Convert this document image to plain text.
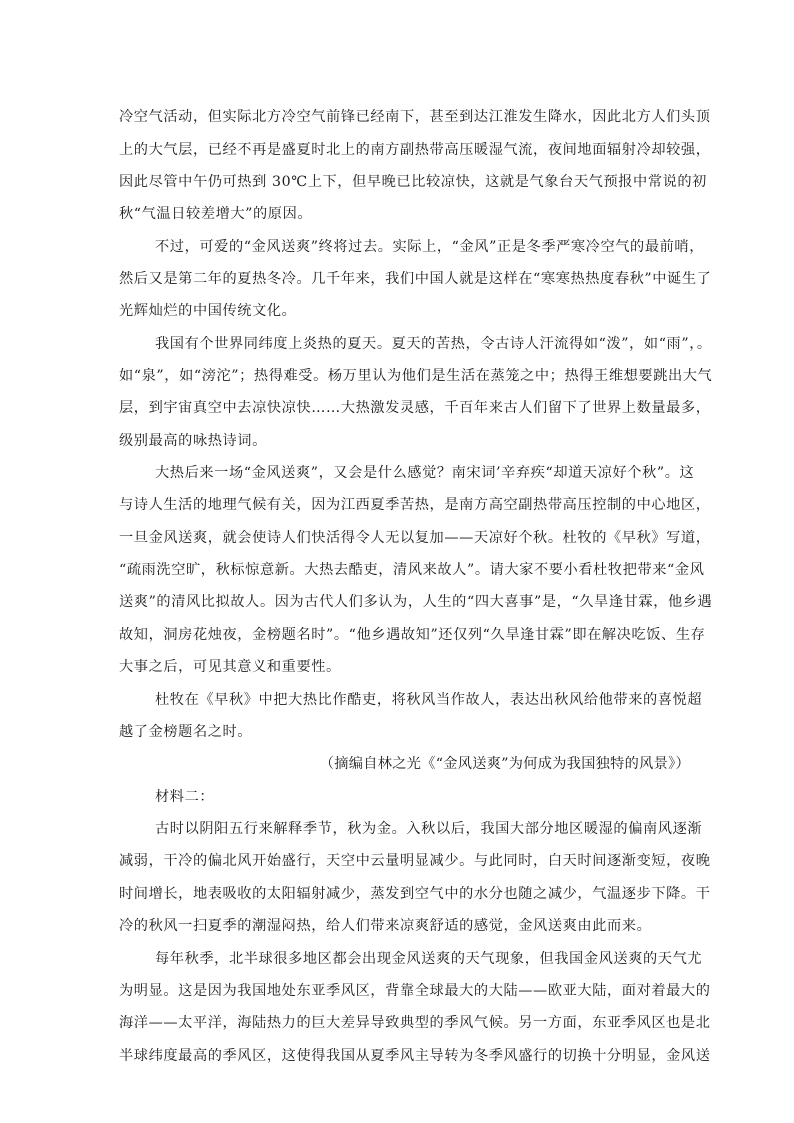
冷空气活动，但实际北方冷空气前锋已经南下，甚至到达江淮发生降水，因此北方人们头顶
上的大气层，已经不再是盛夏时北上的南方副热带高压暖湿气流，夜间地面辐射冷却较强，
因此尽管中午仍可热到 30℃上下，但早晚已比较凉快，这就是气象台天气预报中常说的初
秋“气温日较差增大”的原因。
不过，可爱的“金风送爽”终将过去。实际上，“金风”正是冬季严寒冷空气的最前哨，
然后又是第二年的夏热冬冷。几千年来，我们中国人就是这样在“寒寒热热度春秋”中诞生了
光辉灿烂的中国传统文化。
我国有个世界同纬度上炎热的夏天。夏天的苦热，令古诗人汗流得如“泼”，如“雨”，。
如“泉”，如“滂沱”；热得难受。杨万里认为他们是生活在蒸笼之中；热得王维想要跳出大气
层，到宇宙真空中去凉快凉快……大热激发灵感，千百年来古人们留下了世界上数量最多，
级别最高的咏热诗词。
大热后来一场“金风送爽”，又会是什么感觉？南宋词’辛弃疾“却道天凉好个秋”。这
与诗人生活的地理气候有关，因为江西夏季苦热，是南方高空副热带高压控制的中心地区，
一旦金风送爽，就会使诗人们快活得令人无以复加——天凉好个秋。杜牧的《早秋》写道，
“疏雨洗空旷，秋标惊意新。大热去酷吏，清风来故人”。请大家不要小看杜牧把带来“金风
送爽”的清风比拟故人。因为古代人们多认为，人生的“四大喜事”是，“久旱逢甘霖，他乡遇
故知，洞房花烛夜，金榜题名时”。“他乡遇故知”还仅列“久旱逢甘霖”即在解决吃饭、生存
大事之后，可见其意义和重要性。
杜牧在《早秋》中把大热比作酷吏，将秋风当作故人，表达出秋风给他带来的喜悦超
越了金榜题名之时。
材料二：
古时以阴阳五行来解释季节，秋为金。入秋以后，我国大部分地区暖湿的偏南风逐渐
减弱，干冷的偏北风开始盛行，天空中云量明显减少。与此同时，白天时间逐渐变短，夜晚
时间增长，地表吸收的太阳辐射减少，蒸发到空气中的水分也随之减少，气温逐步下降。干
冷的秋风一扫夏季的潮湿闷热，给人们带来凉爽舒适的感觉，金风送爽由此而来。
每年秋季，北半球很多地区都会出现金风送爽的天气现象，但我国金风送爽的天气尤
为明显。这是因为我国地处东亚季风区，背靠全球最大的大陆——欧亚大陆，面对着最大的
海洋——太平洋，海陆热力的巨大差异导致典型的季风气候。另一方面，东亚季风区也是北
半球纬度最高的季风区，这使得我国从夏季风主导转为冬季风盛行的切换十分明显，金风送
（摘编自林之光《“金风送爽”为何成为我国独特的风景》）
